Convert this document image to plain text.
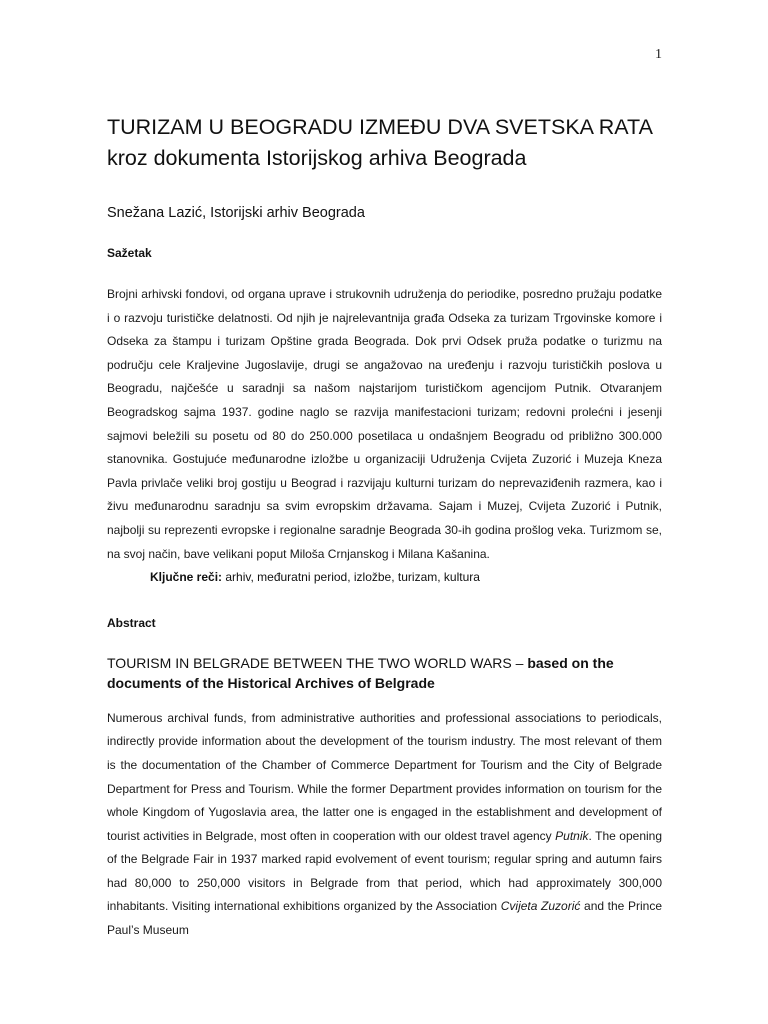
1
TURIZAM U BEOGRADU IZMEĐU DVA SVETSKA RATA
kroz dokumenta Istorijskog arhiva Beograda

Snežana Lazić, Istorijski arhiv Beograda

Sažetak

Brojni arhivski fondovi, od organa uprave i strukovnih udruženja do periodike, posredno pružaju podatke i o razvoju turističke delatnosti. Od njih je najrelevantnija građa Odseka za turizam Trgovinske komore i Odseka za štampu i turizam Opštine grada Beograda. Dok prvi Odsek pruža podatke o turizmu na području cele Kraljevine Jugoslavije, drugi se angažovao na uređenju i razvoju turističkih poslova u Beogradu, najčešće u saradnji sa našom najstarijom turističkom agencijom Putnik. Otvaranjem Beogradskog sajma 1937. godine naglo se razvija manifestacioni turizam; redovni prolećni i jesenji sajmovi beležili su posetu od 80 do 250.000 posetilaca u ondašnjem Beogradu od približno 300.000 stanovnika. Gostujuće međunarodne izložbe u organizaciji Udruženja Cvijeta Zuzorić i Muzeja Kneza Pavla privlače veliki broj gostiju u Beograd i razvijaju kulturni turizam do neprevaziđenih razmera, kao i živu međunarodnu saradnju sa svim evropskim državama. Sajam i Muzej, Cvijeta Zuzorić i Putnik, najbolji su reprezenti evropske i regionalne saradnje Beograda 30-ih godina prošlog veka. Turizmom se, na svoj način, bave velikani poput Miloša Crnjanskog i Milana Kašanina.

Ključne reči: arhiv, međuratni period, izložbe, turizam, kultura

Abstract

TOURISM IN BELGRADE BETWEEN THE TWO WORLD WARS – based on the documents of the Historical Archives of Belgrade

Numerous archival funds, from administrative authorities and professional associations to periodicals, indirectly provide information about the development of the tourism industry. The most relevant of them is the documentation of the Chamber of Commerce Department for Tourism and the City of Belgrade Department for Press and Tourism. While the former Department provides information on tourism for the whole Kingdom of Yugoslavia area, the latter one is engaged in the establishment and development of tourist activities in Belgrade, most often in cooperation with our oldest travel agency Putnik. The opening of the Belgrade Fair in 1937 marked rapid evolvement of event tourism; regular spring and autumn fairs had 80,000 to 250,000 visitors in Belgrade from that period, which had approximately 300,000 inhabitants. Visiting international exhibitions organized by the Association Cvijeta Zuzorić and the Prince Paul’s Museum
